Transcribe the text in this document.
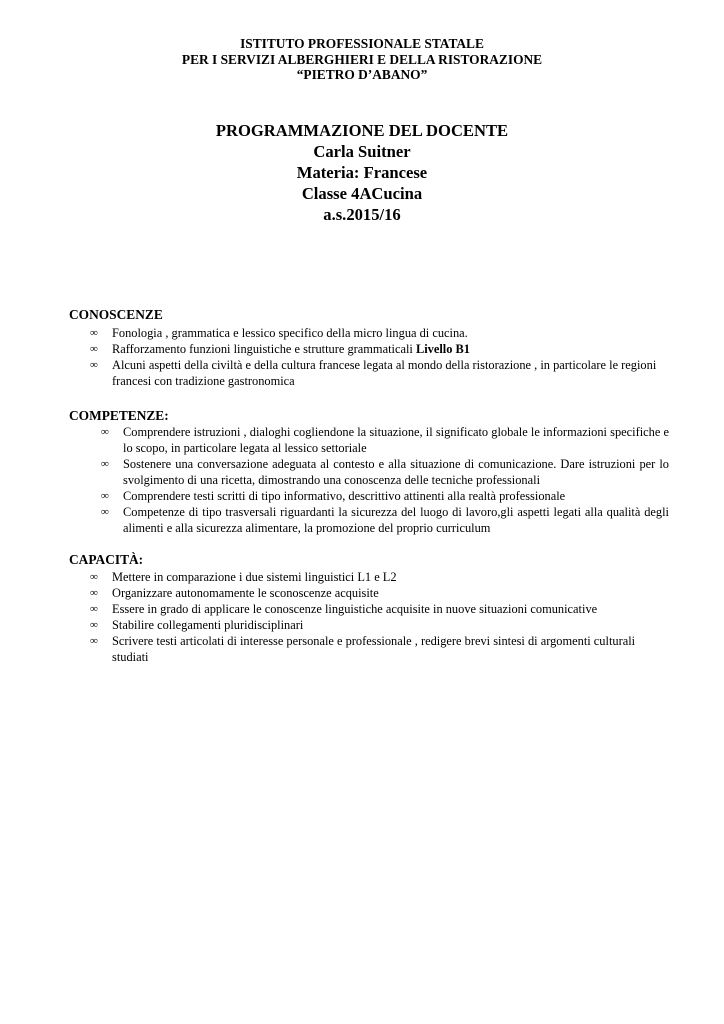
ISTITUTO PROFESSIONALE STATALE
PER I SERVIZI ALBERGHIERI E DELLA RISTORAZIONE
“PIETRO D’ABANO”
PROGRAMMAZIONE DEL DOCENTE
Carla Suitner
Materia: Francese
Classe 4ACucina
a.s.2015/16
CONOSCENZE
∞ Fonologia , grammatica e lessico specifico della micro lingua di cucina.
∞ Rafforzamento funzioni linguistiche e strutture grammaticali Livello B1
∞ Alcuni aspetti della civiltà e della cultura francese legata al mondo della ristorazione , in particolare le regioni francesi con tradizione gastronomica
COMPETENZE:
∞ Comprendere istruzioni , dialoghi cogliendone la situazione, il significato globale le informazioni specifiche e lo scopo, in particolare legata al lessico settoriale
∞ Sostenere una conversazione adeguata al contesto e alla situazione di comunicazione. Dare istruzioni per lo svolgimento di una ricetta, dimostrando una conoscenza delle tecniche professionali
∞ Comprendere testi scritti di tipo informativo, descrittivo attinenti alla realtà professionale
∞ Competenze di tipo trasversali riguardanti la sicurezza del luogo di lavoro,gli aspetti legati alla qualità degli alimenti e alla sicurezza alimentare, la promozione del proprio curriculum
CAPACITÀ:
∞ Mettere in comparazione i due sistemi linguistici L1 e L2
∞ Organizzare autonomamente le sconoscenze acquisite
∞ Essere in grado di applicare le conoscenze linguistiche acquisite in nuove situazioni comunicative
∞ Stabilire collegamenti pluridisciplinari
∞ Scrivere testi articolati di interesse personale e professionale , redigere brevi sintesi di argomenti culturali studiati
